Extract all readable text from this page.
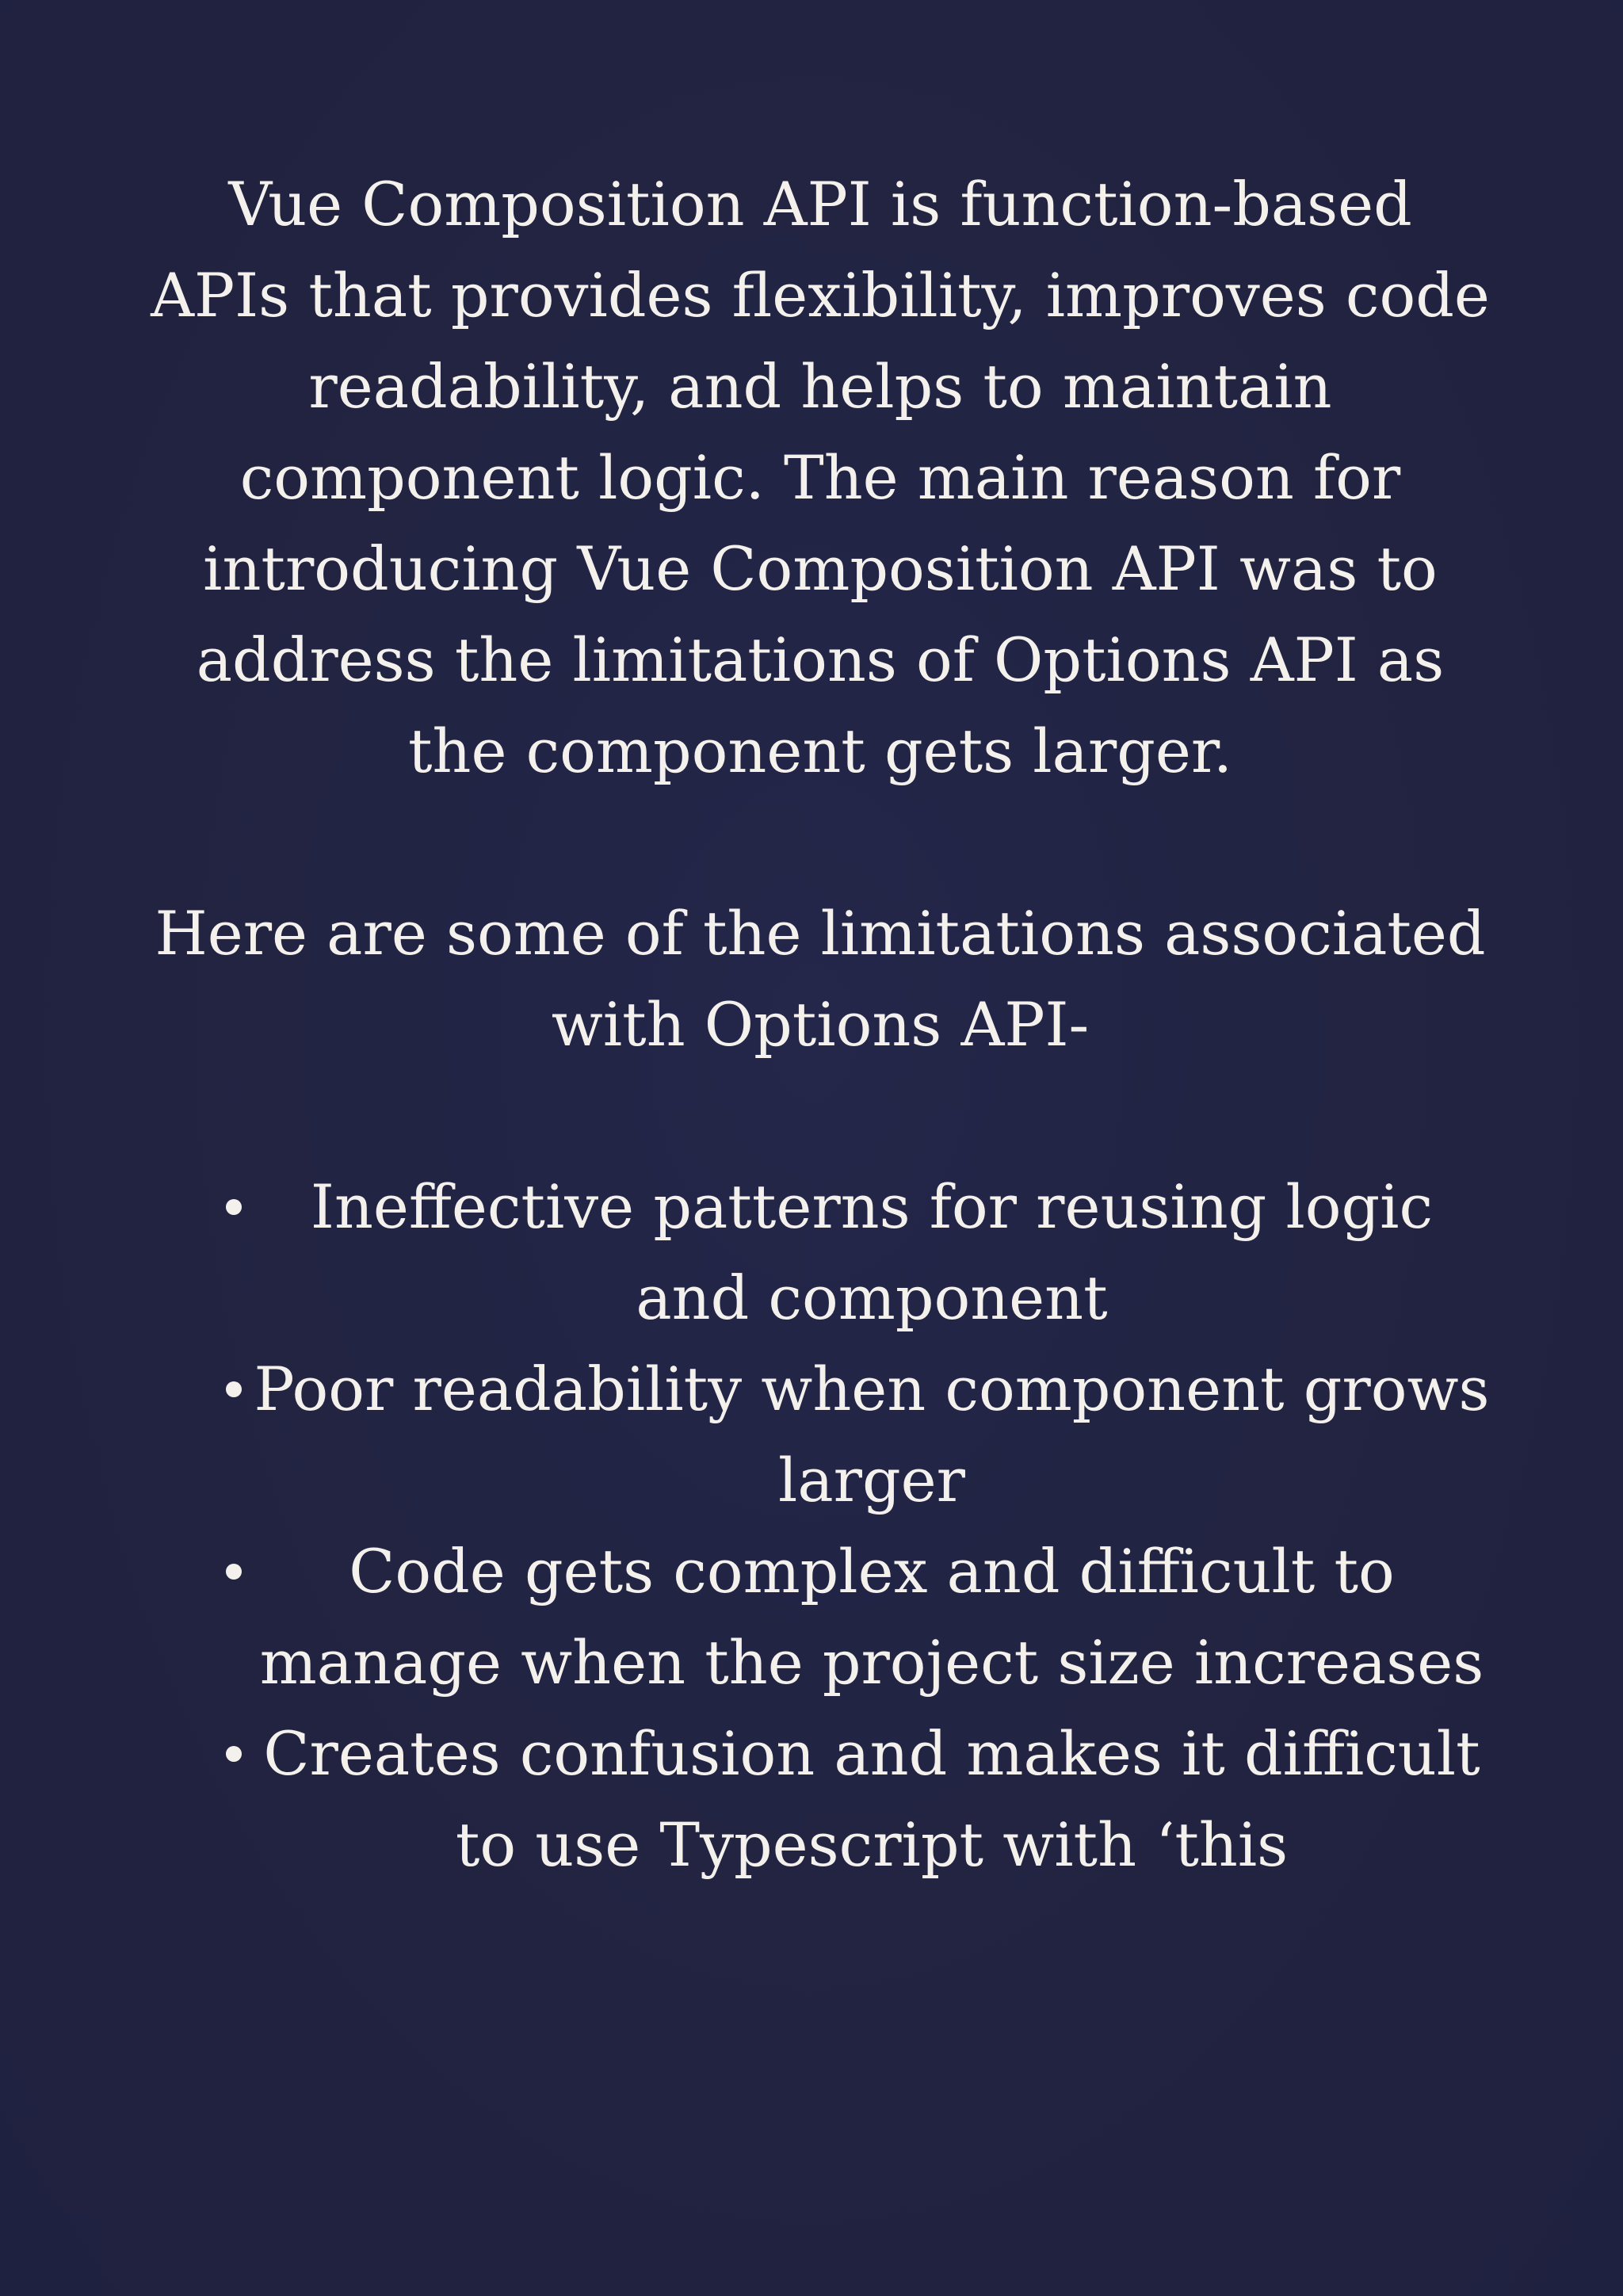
Vue Composition API is function-based APIs that provides flexibility, improves code readability, and helps to maintain component logic. The main reason for introducing Vue Composition API was to address the limitations of Options API as the component gets larger.

Here are some of the limitations associated with Options API-

Ineffective patterns for reusing logic and component
Poor readability when component grows larger
Code gets complex and difficult to manage when the project size increases
Creates confusion and makes it difficult to use Typescript with ‘this
